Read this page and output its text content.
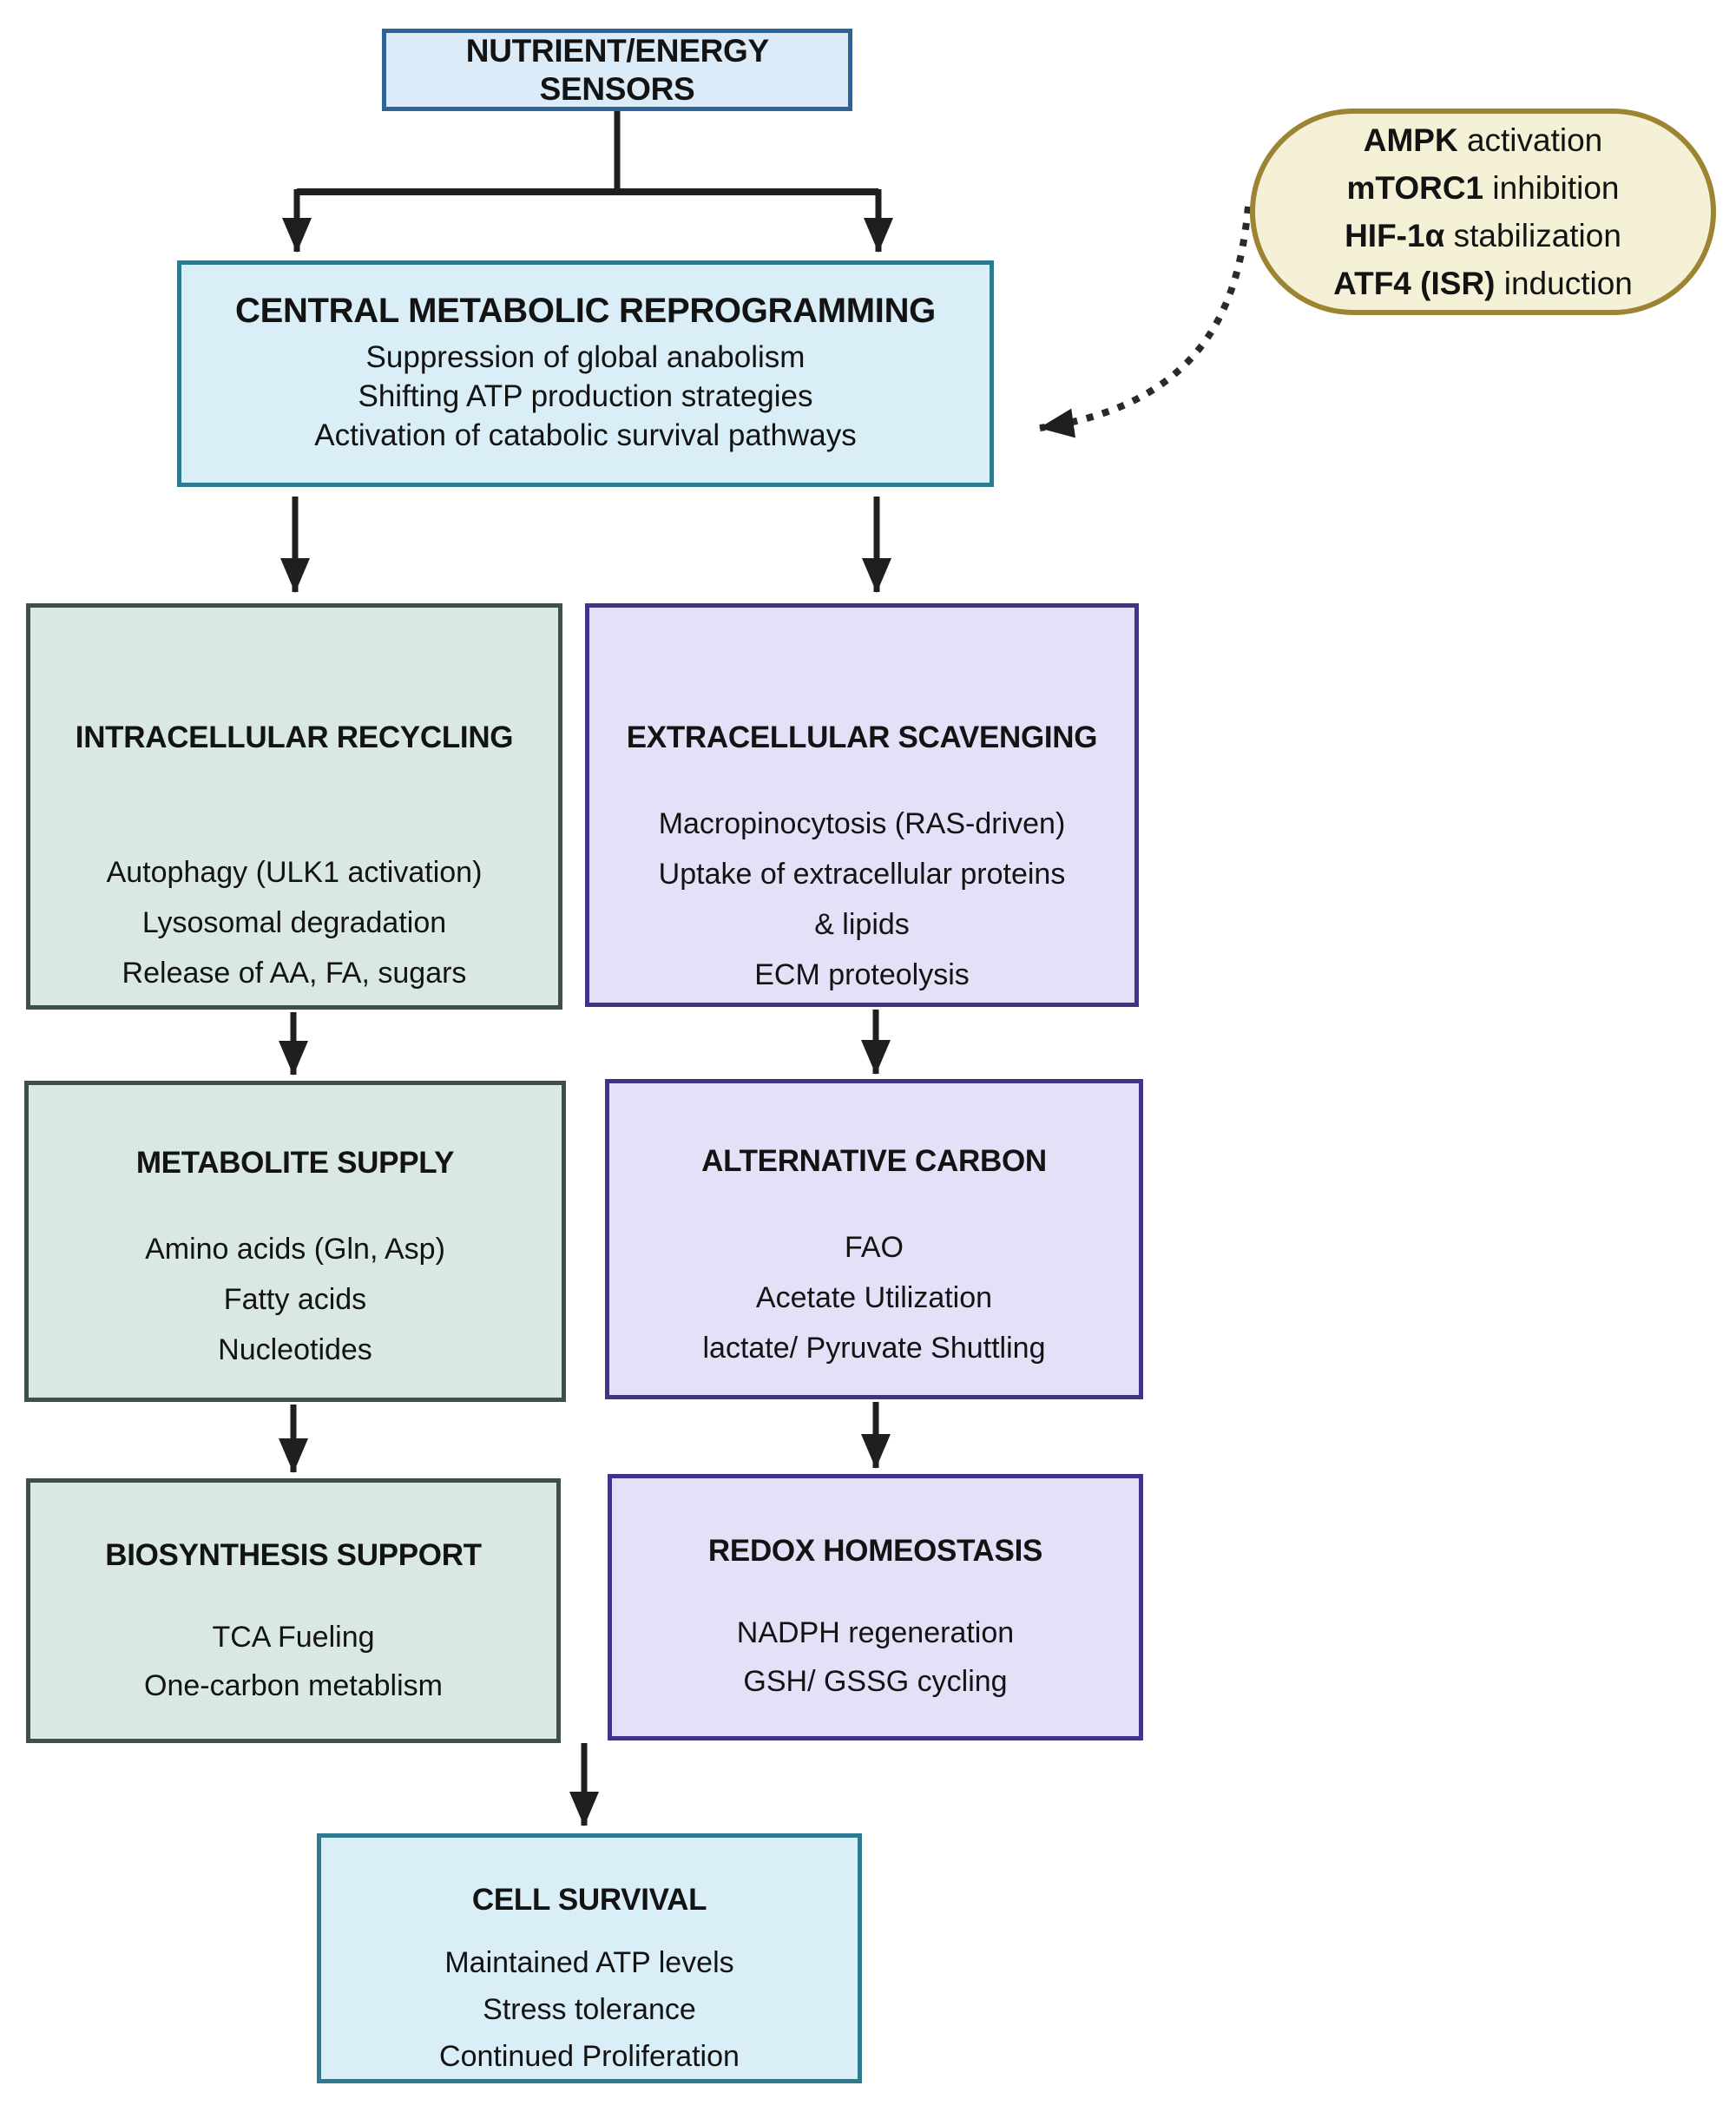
NUTRIENT/ENERGY SENSORS
AMPK activation
mTORC1 inhibition
HIF-1α stabilization
ATF4 (ISR) induction
CENTRAL METABOLIC REPROGRAMMING
Suppression of global anabolism
Shifting ATP production strategies
Activation of catabolic survival pathways
INTRACELLULAR RECYCLING
Autophagy (ULK1 activation)
Lysosomal degradation
Release of AA, FA, sugars
EXTRACELLULAR SCAVENGING
Macropinocytosis (RAS-driven)
Uptake of extracellular proteins
& lipids
ECM proteolysis
METABOLITE SUPPLY
Amino acids (Gln, Asp)
Fatty acids
Nucleotides
ALTERNATIVE CARBON
FAO
Acetate Utilization
lactate/ Pyruvate Shuttling
BIOSYNTHESIS SUPPORT
TCA Fueling
One-carbon metablism
REDOX HOMEOSTASIS
NADPH regeneration
GSH/ GSSG cycling
CELL SURVIVAL
Maintained ATP levels
Stress tolerance
Continued Proliferation
